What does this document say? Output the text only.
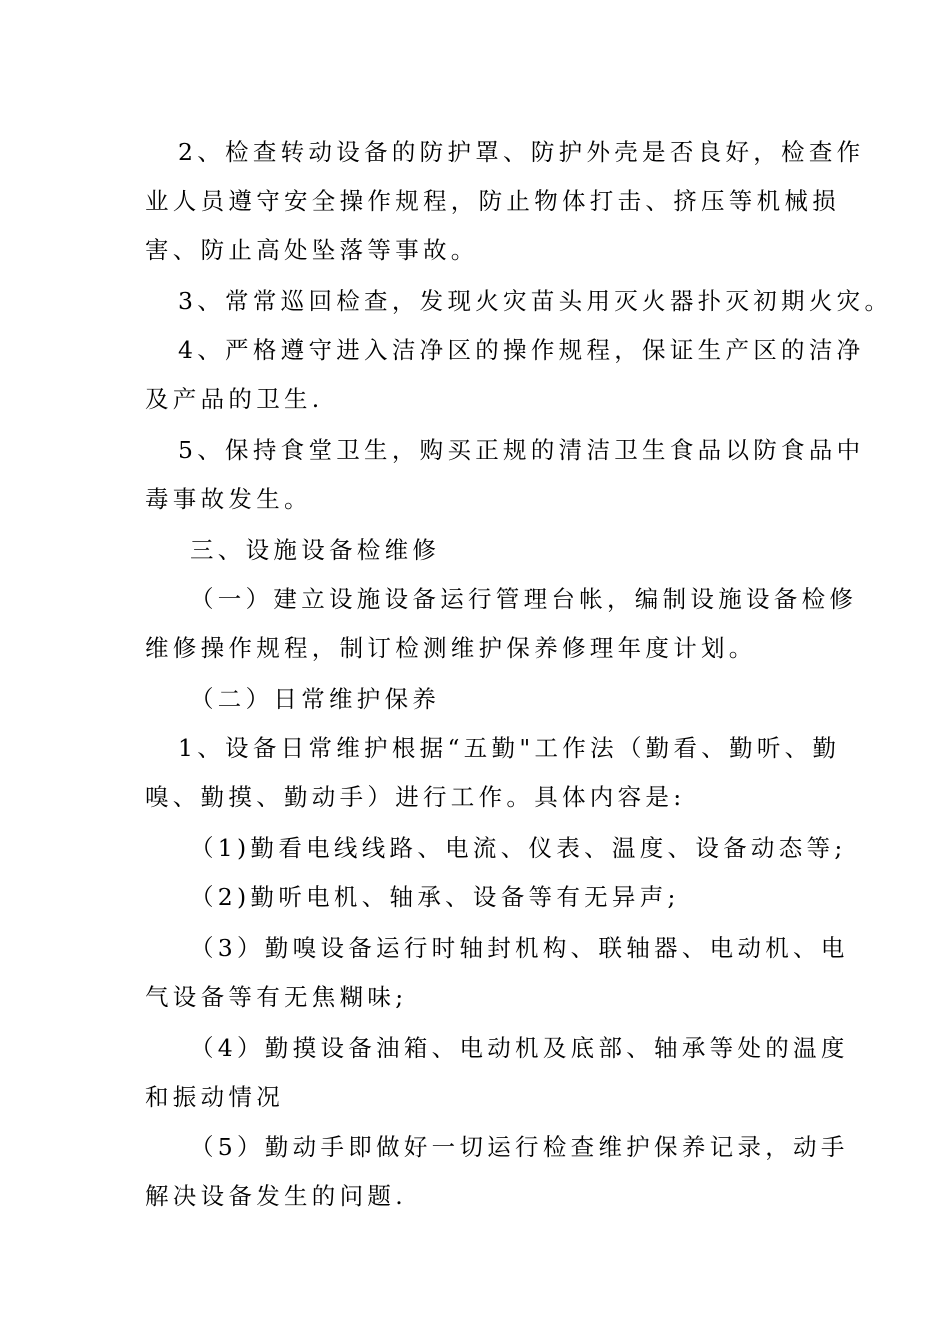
2、检查转动设备的防护罩、防护外壳是否良好，检查作
业人员遵守安全操作规程，防止物体打击、挤压等机械损
害、防止高处坠落等事故。
3、常常巡回检查，发现火灾苗头用灭火器扑灭初期火灾。
4、严格遵守进入洁净区的操作规程，保证生产区的洁净
及产品的卫生.
5、保持食堂卫生，购买正规的清洁卫生食品以防食品中
毒事故发生。
三、设施设备检维修
（一）建立设施设备运行管理台帐，编制设施设备检修
维修操作规程，制订检测维护保养修理年度计划。
（二）日常维护保养
1、设备日常维护根据“五勤"工作法（勤看、勤听、勤
嗅、勤摸、勤动手）进行工作。具体内容是:
（1)勤看电线线路、电流、仪表、温度、设备动态等;
（2)勤听电机、轴承、设备等有无异声;
（3）勤嗅设备运行时轴封机构、联轴器、电动机、电
气设备等有无焦糊味;
（4）勤摸设备油箱、电动机及底部、轴承等处的温度
和振动情况
（5）勤动手即做好一切运行检查维护保养记录，动手
解决设备发生的问题.
